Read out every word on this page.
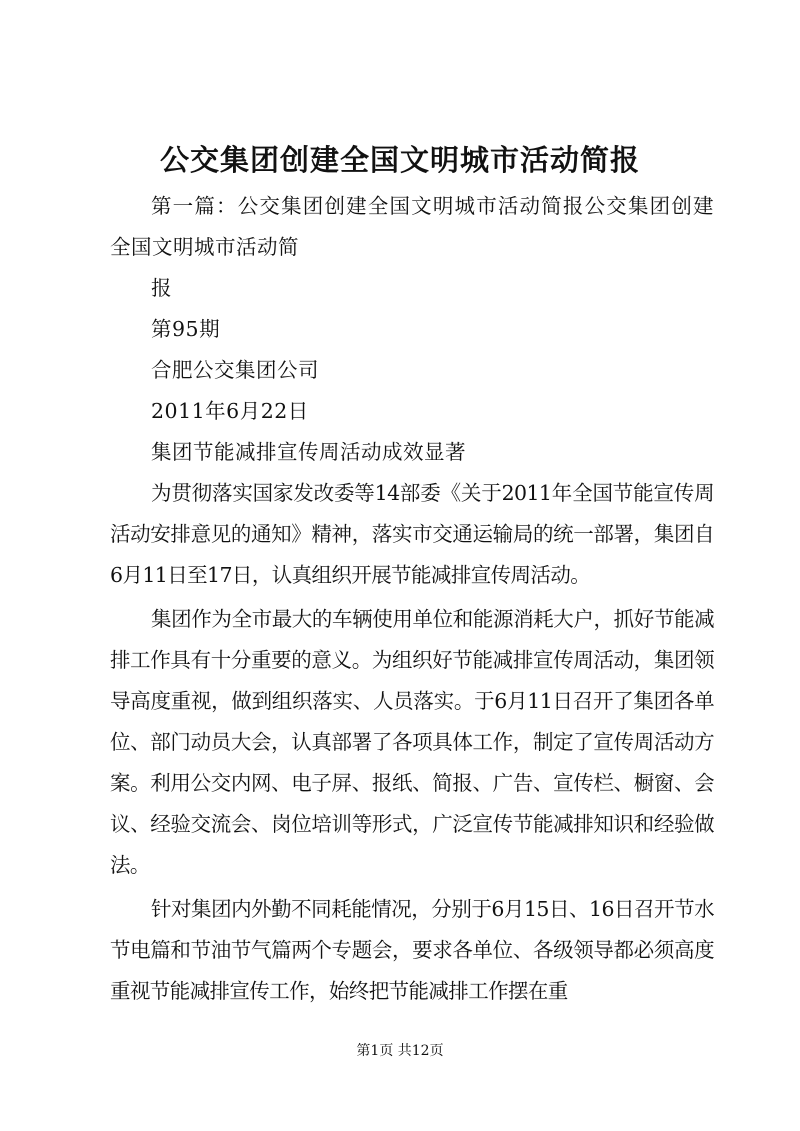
公交集团创建全国文明城市活动简报

第一篇：公交集团创建全国文明城市活动简报公交集团创建全国文明城市活动简

报

第95期

合肥公交集团公司

2011年6月22日

集团节能减排宣传周活动成效显著

为贯彻落实国家发改委等14部委《关于2011年全国节能宣传周活动安排意见的通知》精神，落实市交通运输局的统一部署，集团自6月11日至17日，认真组织开展节能减排宣传周活动。

集团作为全市最大的车辆使用单位和能源消耗大户，抓好节能减排工作具有十分重要的意义。为组织好节能减排宣传周活动，集团领导高度重视，做到组织落实、人员落实。于6月11日召开了集团各单位、部门动员大会，认真部署了各项具体工作，制定了宣传周活动方案。利用公交内网、电子屏、报纸、简报、广告、宣传栏、橱窗、会议、经验交流会、岗位培训等形式，广泛宣传节能减排知识和经验做法。

针对集团内外勤不同耗能情况，分别于6月15日、16日召开节水节电篇和节油节气篇两个专题会，要求各单位、各级领导都必须高度重视节能减排宣传工作，始终把节能减排工作摆在重

第1页 共12页
